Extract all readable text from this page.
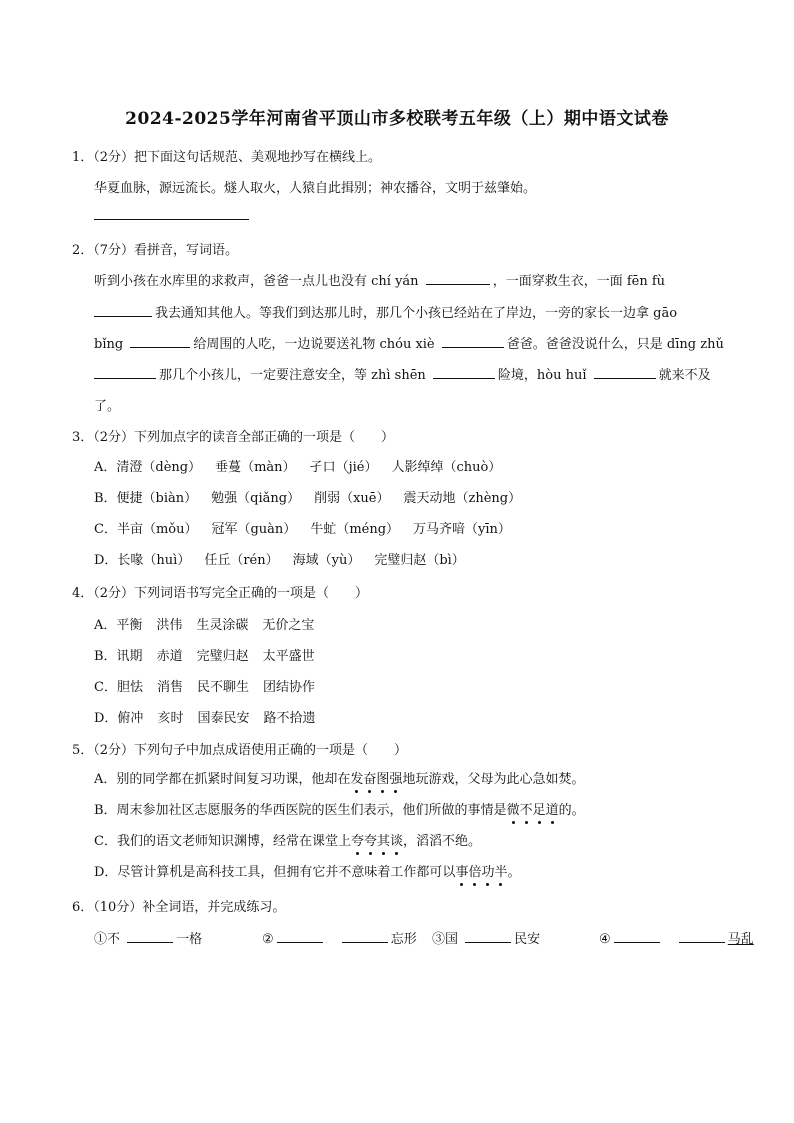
2024-2025学年河南省平顶山市多校联考五年级（上）期中语文试卷
1．（2分）把下面这句话规范、美观地抄写在横线上。
华夏血脉，源远流长。燧人取火，人猿自此揖别；神农播谷，文明于兹肇始。
2．（7分）看拼音，写词语。
听到小孩在水库里的求救声，爸爸一点儿也没有 chí yán	，一面穿救生衣，一面 fēn fù
我去通知其他人。等我们到达那儿时，那几个小孩已经站在了岸边，一旁的家长一边拿 gāo
bǐng	给周围的人吃，一边说要送礼物 chóu xiè	爸爸。爸爸没说什么，只是 dīng zhǔ
那几个小孩儿，一定要注意安全，等 zhì shēn	险境，hòu huǐ	就来不及
了。
3．（2分）下列加点字的读音全部正确的一项是（　　）
A．清澄（dèng） 垂蔓（màn） 孑口（jié） 人影绰绰（chuò）
B．便捷（biàn） 勉强（qiǎng） 削弱（xuē） 震天动地（zhèng）
C．半亩（mǒu） 冠军（guàn） 牛虻（méng） 万马齐喑（yīn）
D．长喙（huì） 任丘（rén） 海域（yù） 完璧归赵（bì）
4．（2分）下列词语书写完全正确的一项是（　　）
A．平衡 洪伟 生灵涂碳 无价之宝
B．讯期 赤道 完璧归赵 太平盛世
C．胆怯 消售 民不聊生 团结协作
D．俯冲 亥时 国泰民安 路不拾遗
5．（2分）下列句子中加点成语使用正确的一项是（　　）
A．别的同学都在抓紧时间复习功课，他却在发奋图强地玩游戏，父母为此心急如焚。
B．周末参加社区志愿服务的华西医院的医生们表示，他们所做的事情是微不足道的。
C．我们的语文老师知识渊博，经常在课堂上夸夸其谈，滔滔不绝。
D．尽管计算机是高科技工具，但拥有它并不意味着工作都可以事倍功半。
6．（10分）补全词语，并完成练习。
①不	一格	②	忘形 ③国	民安	④	马乱
